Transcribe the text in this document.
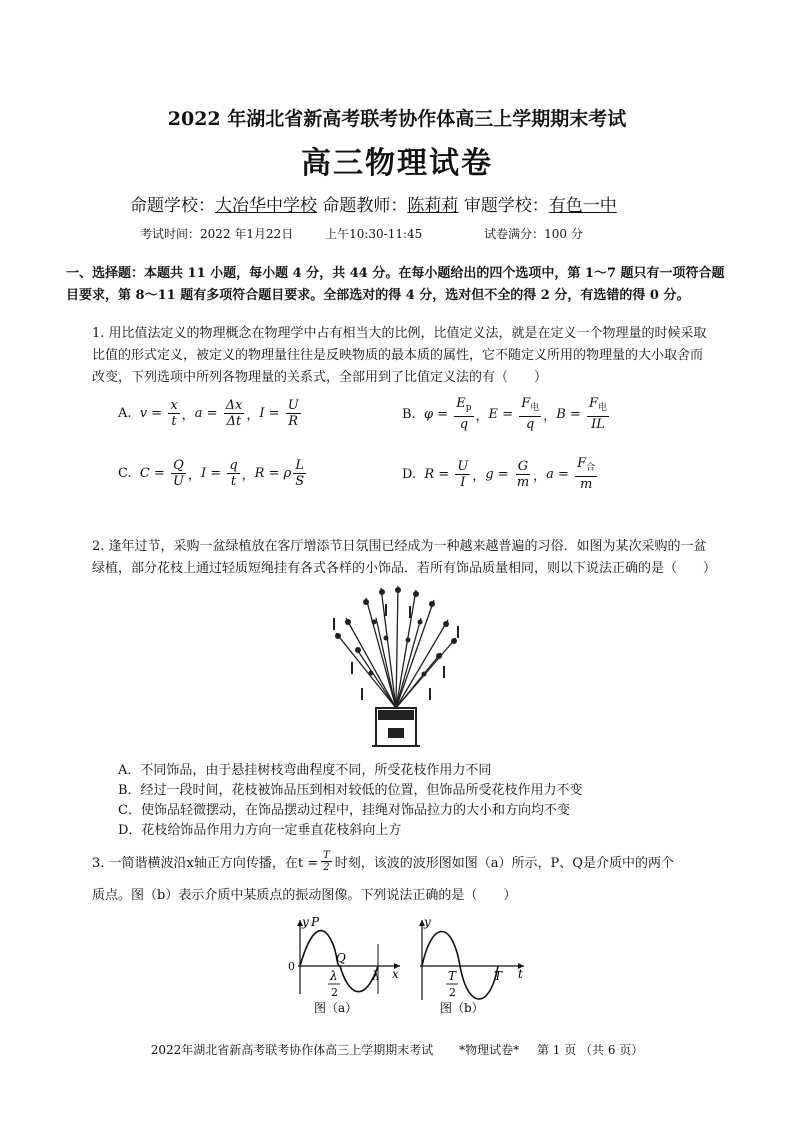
2022 年湖北省新高考联考协作体高三上学期期末考试
高三物理试卷
命题学校：大冶华中学校 命题教师：陈莉莉 审题学校：有色一中
考试时间：2022 年1月22日	上午10:30-11:45	试卷满分：100 分
一、选择题：本题共 11 小题，每小题 4 分，共 44 分。在每小题给出的四个选项中，第 1～7 题只有一项符合题目要求，第 8～11 题有多项符合题目要求。全部选对的得 4 分，选对但不全的得 2 分，有选错的得 0 分。
1. 用比值法定义的物理概念在物理学中占有相当大的比例，比值定义法，就是在定义一个物理量的时候采取比值的形式定义，被定义的物理量往往是反映物质的最本质的属性，它不随定义所用的物理量的大小取舍而改变，下列选项中所列各物理量的关系式，全部用到了比值定义法的有（　　）
A.
$v = \frac{x}{t}$ ， $a = \frac{\Delta x}{\Delta t}$ ， $I = \frac{U}{R}$	B.
$\varphi = \frac{E_p}{q}$ ， $E = \frac{F_电}{q}$ ， $B = \frac{F_电}{IL}$
C.
$C = \frac{Q}{U}$ ， $I = \frac{q}{t}$ ， R = ρ $\frac{L}{S}$	D.
$R = \frac{U}{I}$ ， $g = \frac{G}{m}$ ， $a = \frac{F_合}{m}$
2. 逢年过节，采购一盆绿植放在客厅增添节日氛围已经成为一种越来越普遍的习俗．如图为某次采购的一盆绿植，部分花枝上通过轻质短绳挂有各式各样的小饰品．若所有饰品质量相同，则以下说法正确的是（　　）
A．不同饰品，由于悬挂树枝弯曲程度不同，所受花枝作用力不同
B．经过一段时间，花枝被饰品压到相对较低的位置，但饰品所受花枝作用力不变
C．使饰品轻微摆动，在饰品摆动过程中，挂绳对饰品拉力的大小和方向均不变
D．花枝给饰品作用力方向一定垂直花枝斜向上方
3. 一简谐横波沿x轴正方向传播，在$t = \frac{T}{2}$ 时刻，该波的波形图如图（a）所示，P、Q是介质中的两个
质点。图（b）表示介质中某质点的振动图像。下列说法正确的是（　　）
y P
0
Q
x
λ
2
λ
图（a）
y
t
T
2
T
图（b）
2022年湖北省新高考联考协作体高三上学期期末考试 *物理试卷* 第 1 页 （共 6 页）
